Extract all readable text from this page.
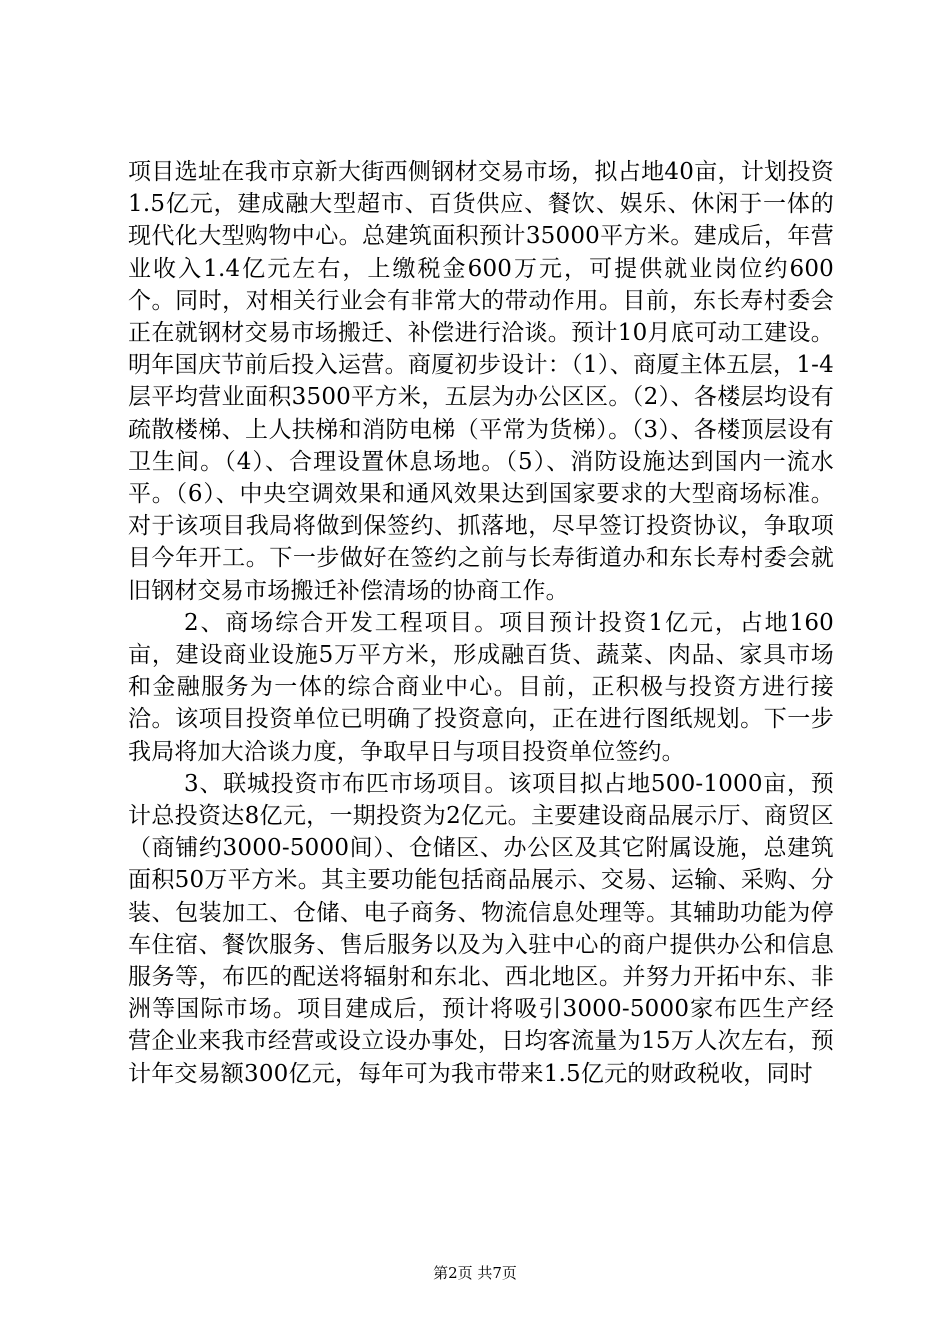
项目选址在我市京新大街西侧钢材交易市场，拟占地40亩，计划投资1.5亿元，建成融大型超市、百货供应、餐饮、娱乐、休闲于一体的现代化大型购物中心。总建筑面积预计35000平方米。建成后，年营业收入1.4亿元左右，上缴税金600万元，可提供就业岗位约600个。同时，对相关行业会有非常大的带动作用。目前，东长寿村委会正在就钢材交易市场搬迁、补偿进行洽谈。预计10月底可动工建设。明年国庆节前后投入运营。商厦初步设计：（1）、商厦主体五层，1-4层平均营业面积3500平方米，五层为办公区区。（2）、各楼层均设有疏散楼梯、上人扶梯和消防电梯（平常为货梯）。（3）、各楼顶层设有卫生间。（4）、合理设置休息场地。（5）、消防设施达到国内一流水平。（6）、中央空调效果和通风效果达到国家要求的大型商场标准。对于该项目我局将做到保签约、抓落地，尽早签订投资协议，争取项目今年开工。下一步做好在签约之前与长寿街道办和东长寿村委会就旧钢材交易市场搬迁补偿清场的协商工作。

2、商场综合开发工程项目。项目预计投资1亿元，占地160亩，建设商业设施5万平方米，形成融百货、蔬菜、肉品、家具市场和金融服务为一体的综合商业中心。目前，正积极与投资方进行接洽。该项目投资单位已明确了投资意向，正在进行图纸规划。下一步我局将加大洽谈力度，争取早日与项目投资单位签约。

3、联城投资市布匹市场项目。该项目拟占地500-1000亩，预计总投资达8亿元，一期投资为2亿元。主要建设商品展示厅、商贸区（商铺约3000-5000间）、仓储区、办公区及其它附属设施，总建筑面积50万平方米。其主要功能包括商品展示、交易、运输、采购、分装、包装加工、仓储、电子商务、物流信息处理等。其辅助功能为停车住宿、餐饮服务、售后服务以及为入驻中心的商户提供办公和信息服务等，布匹的配送将辐射和东北、西北地区。并努力开拓中东、非洲等国际市场。项目建成后，预计将吸引3000-5000家布匹生产经营企业来我市经营或设立设办事处，日均客流量为15万人次左右，预计年交易额300亿元，每年可为我市带来1.5亿元的财政税收，同时

第2页 共7页
